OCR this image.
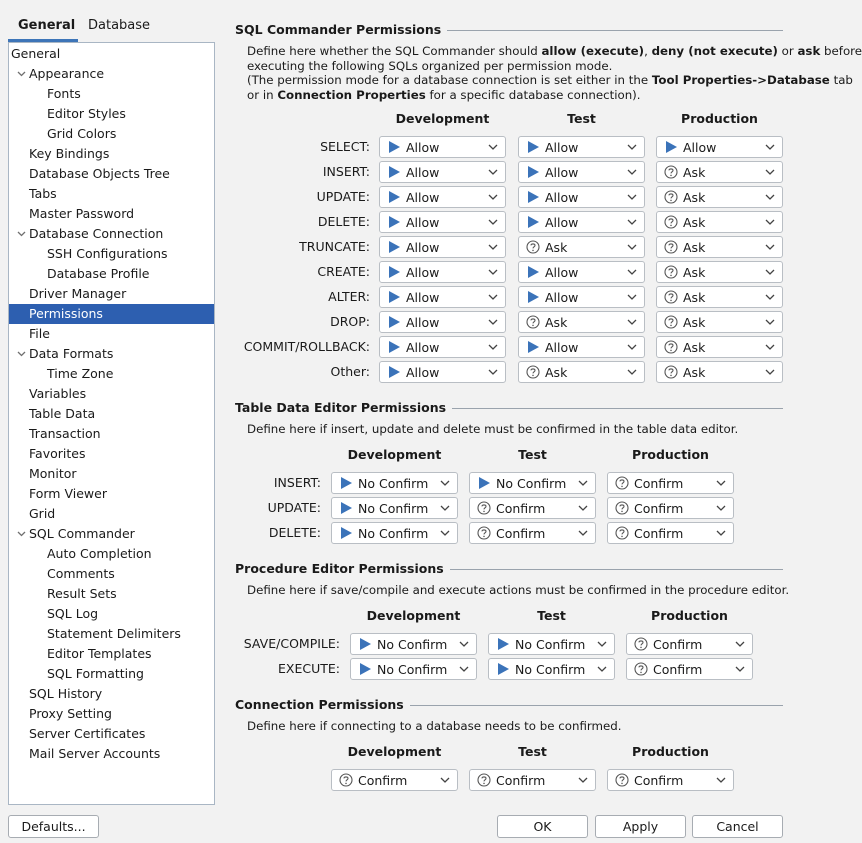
General Database
General
Appearance
Fonts
Editor Styles
Grid Colors
Key Bindings
Database Objects Tree
Tabs
Master Password
Database Connection
SSH Configurations
Database Profile
Driver Manager
Permissions
File
Data Formats
Time Zone
Variables
Table Data
Transaction
Favorites
Monitor
Form Viewer
Grid
SQL Commander
Auto Completion
Comments
Result Sets
SQL Log
Statement Delimiters
Editor Templates
SQL Formatting
SQL History
Proxy Setting
Server Certificates
Mail Server Accounts
SQL Commander Permissions
Define here whether the SQL Commander should allow (execute), deny (not execute) or ask before
executing the following SQLs organized per permission mode.
(The permission mode for a database connection is set either in the Tool Properties->Database tab
or in Connection Properties for a specific database connection).
Development	Test	Production
SELECT:	Allow	Allow	Allow
INSERT:	Allow	Allow	Ask
UPDATE:	Allow	Allow	Ask
DELETE:	Allow	Allow	Ask
TRUNCATE:	Allow	Ask	Ask
CREATE:	Allow	Allow	Ask
ALTER:	Allow	Allow	Ask
DROP:	Allow	Ask	Ask
COMMIT/ROLLBACK:	Allow	Allow	Ask
Other:	Allow	Ask	Ask
Table Data Editor Permissions
Define here if insert, update and delete must be confirmed in the table data editor.
Development	Test	Production
INSERT:	No Confirm	No Confirm	Confirm
UPDATE:	No Confirm	Confirm	Confirm
DELETE:	No Confirm	Confirm	Confirm
Procedure Editor Permissions
Define here if save/compile and execute actions must be confirmed in the procedure editor.
Development	Test	Production
SAVE/COMPILE:	No Confirm	No Confirm	Confirm
EXECUTE:	No Confirm	No Confirm	Confirm
Connection Permissions
Define here if connecting to a database needs to be confirmed.
Development	Test	Production
Confirm	Confirm	Confirm
Defaults...	OK	Apply	Cancel
